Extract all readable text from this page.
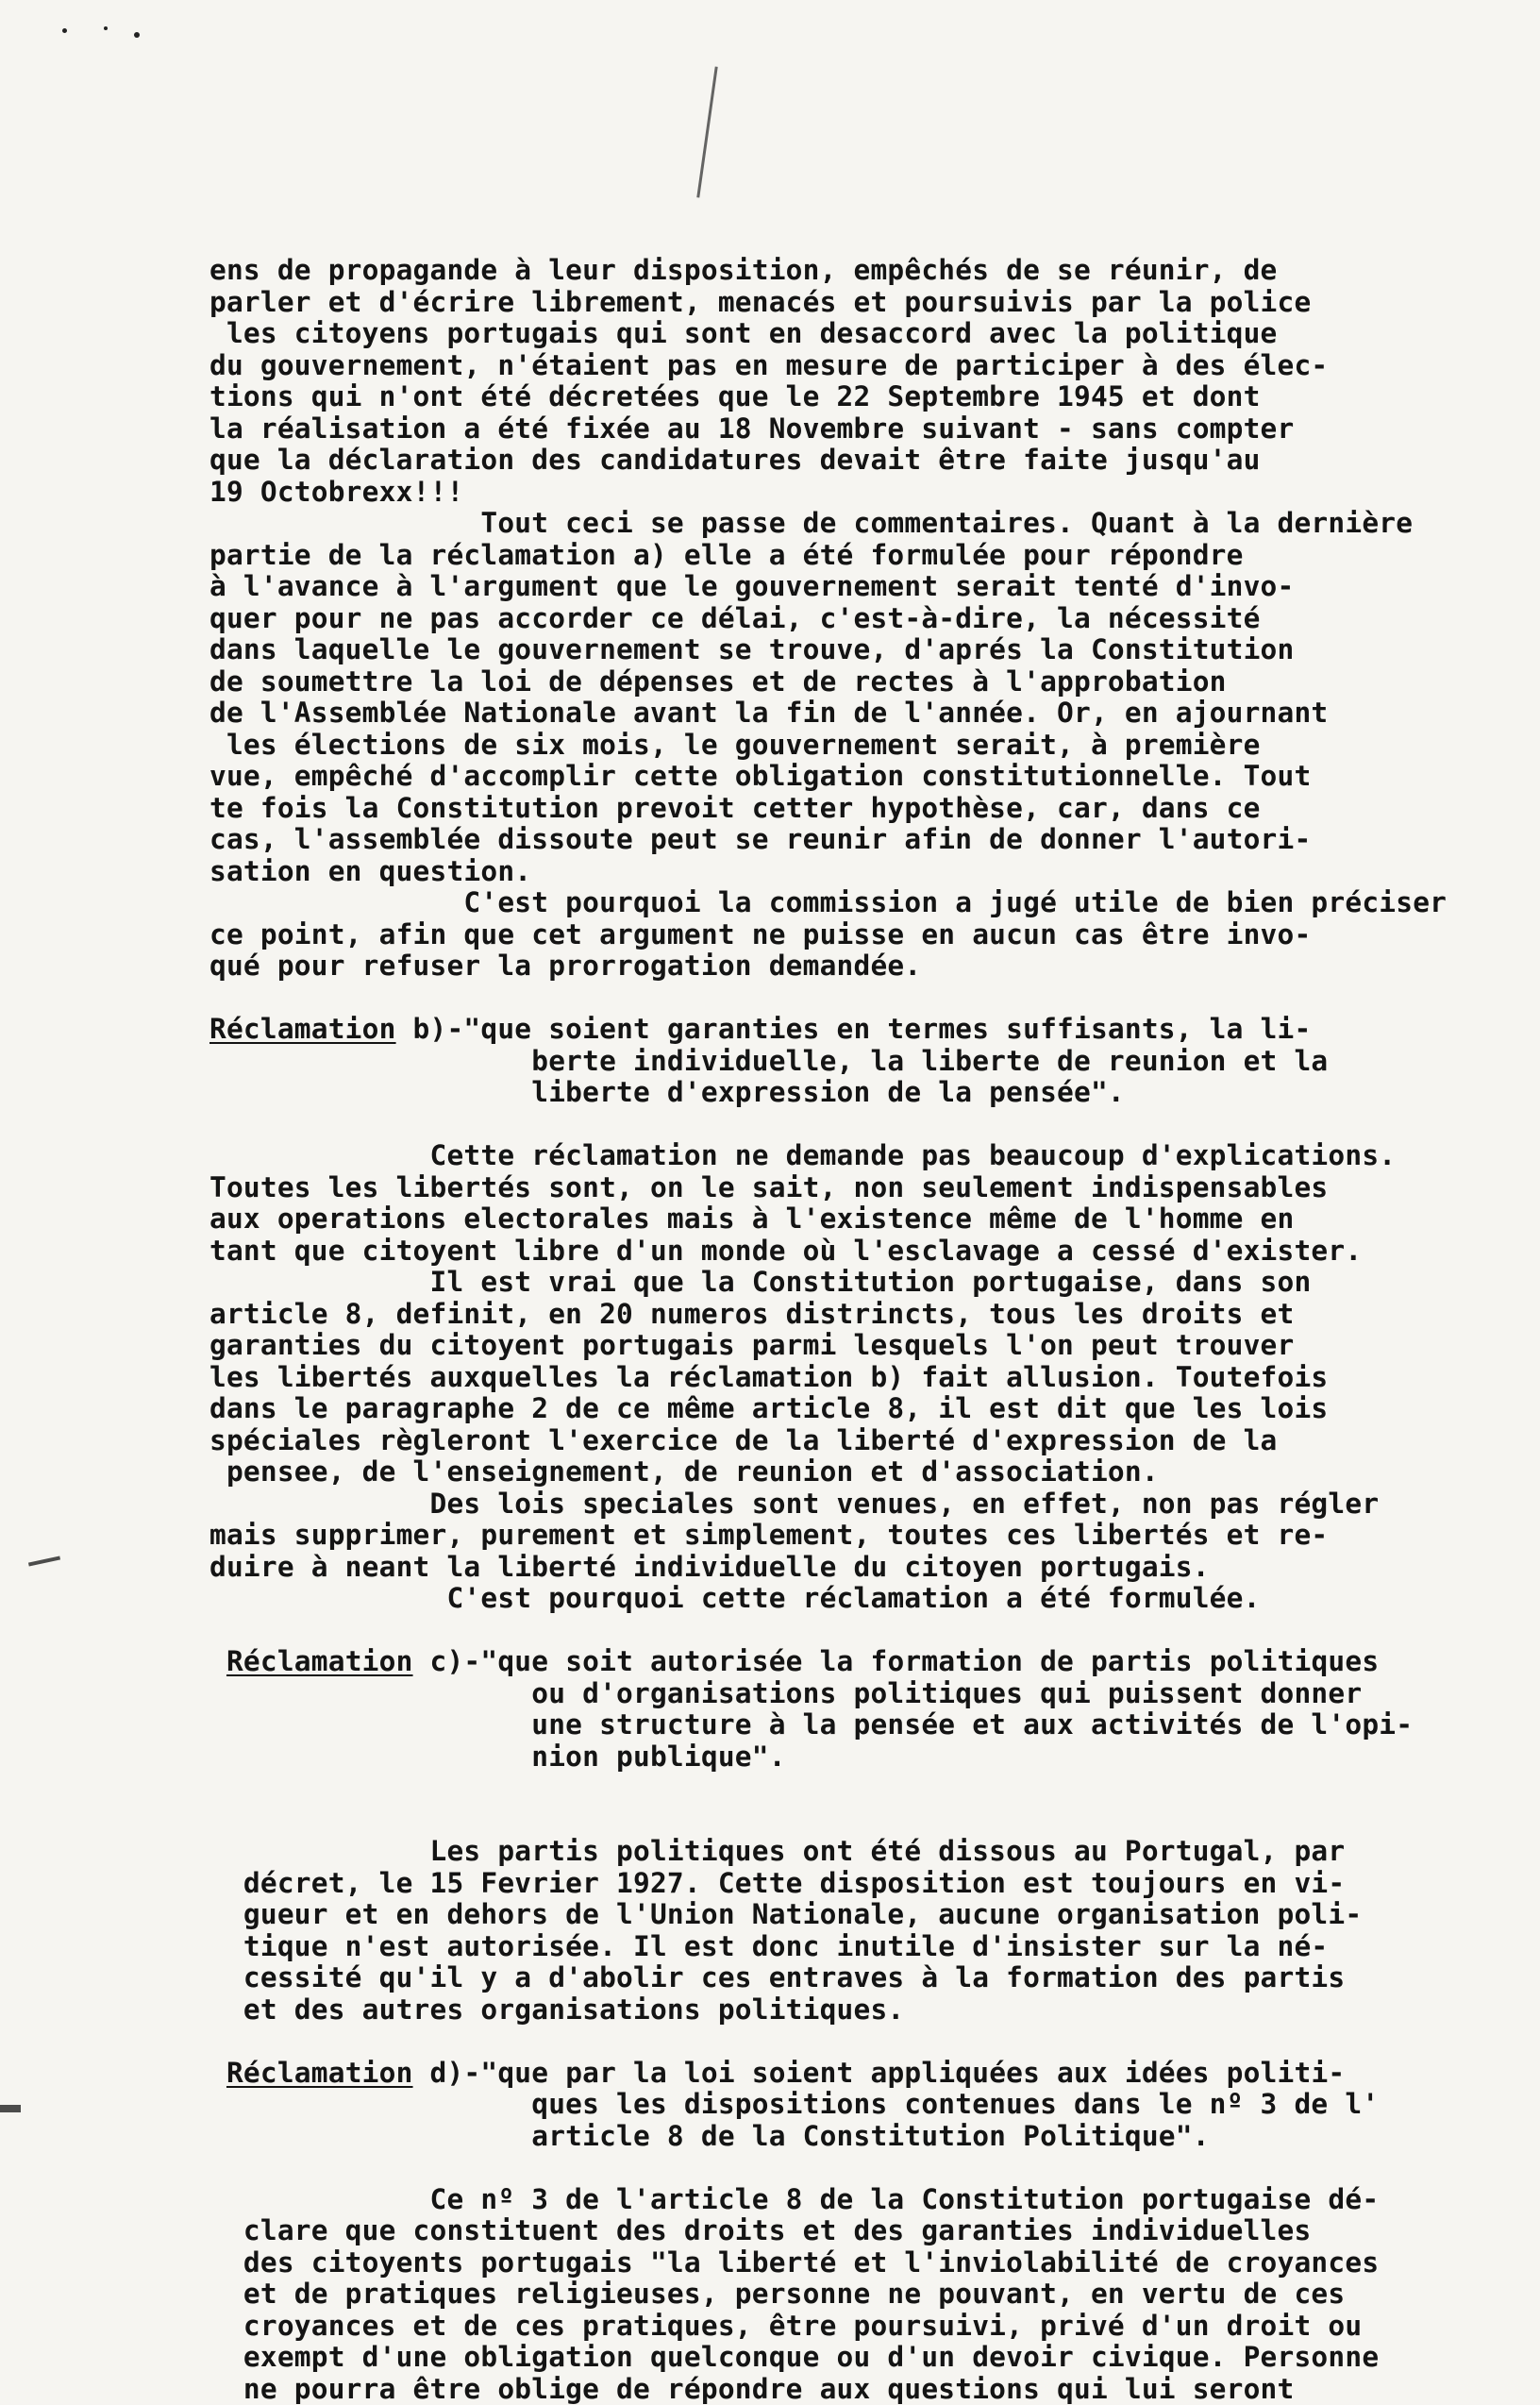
ens de propagande à leur disposition, empêchés de se réunir, de
parler et d'écrire librement, menacés et poursuivis par la police
les citoyens portugais qui sont en desaccord avec la politique
du gouvernement, n'étaient pas en mesure de participer à des élec-
tions qui n'ont été décretées que le 22 Septembre 1945 et dont
la réalisation a été fixée au 18 Novembre suivant - sans compter
que la déclaration des candidatures devait être faite jusqu'au
19 Octobrexx!!!
Tout ceci se passe de commentaires. Quant à la dernière
partie de la réclamation a) elle a été formulée pour répondre
à l'avance à l'argument que le gouvernement serait tenté d'invo-
quer pour ne pas accorder ce délai, c'est-à-dire, la nécessité
dans laquelle le gouvernement se trouve, d'aprés la Constitution
de soumettre la loi de dépenses et de rectes à l'approbation
de l'Assemblée Nationale avant la fin de l'année. Or, en ajournant
les élections de six mois, le gouvernement serait, à première
vue, empêché d'accomplir cette obligation constitutionnelle. Tout
te fois la Constitution prevoit cetter hypothèse, car, dans ce
cas, l'assemblée dissoute peut se reunir afin de donner l'autori-
sation en question.
C'est pourquoi la commission a jugé utile de bien préciser
ce point, afin que cet argument ne puisse en aucun cas être invo-
qué pour refuser la prorrogation demandée.
Réclamation b)-"que soient garanties en termes suffisants, la li-
berte individuelle, la liberte de reunion et la
liberte d'expression de la pensée".
Cette réclamation ne demande pas beaucoup d'explications.
Toutes les libertés sont, on le sait, non seulement indispensables
aux operations electorales mais à l'existence même de l'homme en
tant que citoyent libre d'un monde où l'esclavage a cessé d'exister.
Il est vrai que la Constitution portugaise, dans son
article 8, definit, en 20 numeros distrincts, tous les droits et
garanties du citoyent portugais parmi lesquels l'on peut trouver
les libertés auxquelles la réclamation b) fait allusion. Toutefois
dans le paragraphe 2 de ce même article 8, il est dit que les lois
spéciales règleront l'exercice de la liberté d'expression de la
pensee, de l'enseignement, de reunion et d'association.
Des lois speciales sont venues, en effet, non pas régler
mais supprimer, purement et simplement, toutes ces libertés et re-
duire à neant la liberté individuelle du citoyen portugais.
C'est pourquoi cette réclamation a été formulée.
Réclamation c)-"que soit autorisée la formation de partis politiques
ou d'organisations politiques qui puissent donner
une structure à la pensée et aux activités de l'opi-
nion publique".
Les partis politiques ont été dissous au Portugal, par
décret, le 15 Fevrier 1927. Cette disposition est toujours en vi-
gueur et en dehors de l'Union Nationale, aucune organisation poli-
tique n'est autorisée. Il est donc inutile d'insister sur la né-
cessité qu'il y a d'abolir ces entraves à la formation des partis
et des autres organisations politiques.
Réclamation d)-"que par la loi soient appliquées aux idées politi-
ques les dispositions contenues dans le nº 3 de l'
article 8 de la Constitution Politique".
Ce nº 3 de l'article 8 de la Constitution portugaise dé-
clare que constituent des droits et des garanties individuelles
des citoyents portugais "la liberté et l'inviolabilité de croyances
et de pratiques religieuses, personne ne pouvant, en vertu de ces
croyances et de ces pratiques, être poursuivi, privé d'un droit ou
exempt d'une obligation quelconque ou d'un devoir civique. Personne
ne pourra être oblige de répondre aux questions qui lui seront
